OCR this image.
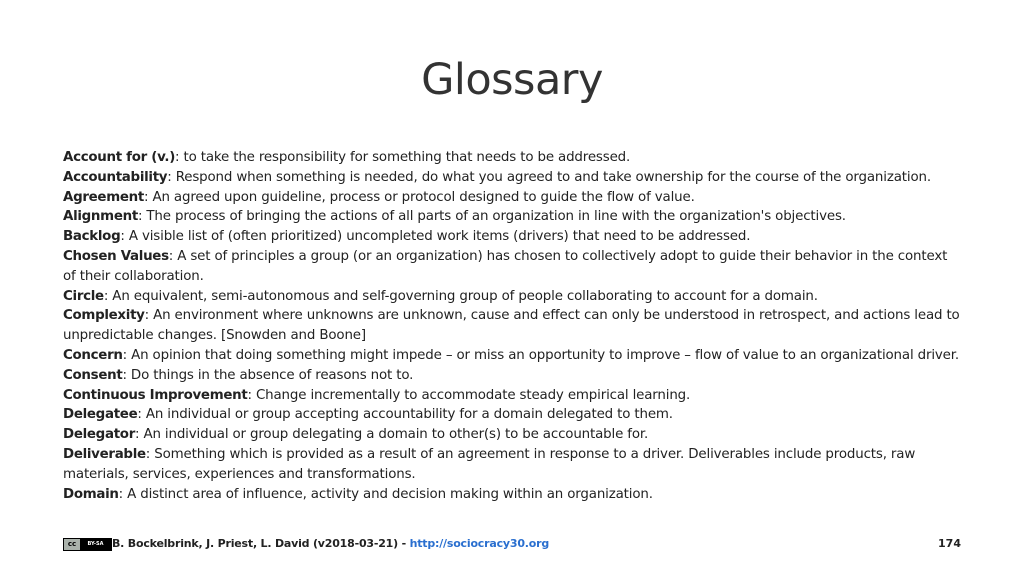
Glossary

Account for (v.): to take the responsibility for something that needs to be addressed.

Accountability: Respond when something is needed, do what you agreed to and take ownership for the course of the organization.

Agreement: An agreed upon guideline, process or protocol designed to guide the flow of value.

Alignment: The process of bringing the actions of all parts of an organization in line with the organization's objectives.

Backlog: A visible list of (often prioritized) uncompleted work items (drivers) that need to be addressed.

Chosen Values: A set of principles a group (or an organization) has chosen to collectively adopt to guide their behavior in the context of their collaboration.

Circle: An equivalent, semi-autonomous and self-governing group of people collaborating to account for a domain.

Complexity: An environment where unknowns are unknown, cause and effect can only be understood in retrospect, and actions lead to unpredictable changes. [Snowden and Boone]

Concern: An opinion that doing something might impede – or miss an opportunity to improve – flow of value to an organizational driver.

Consent: Do things in the absence of reasons not to.

Continuous Improvement: Change incrementally to accommodate steady empirical learning.

Delegatee: An individual or group accepting accountability for a domain delegated to them.

Delegator: An individual or group delegating a domain to other(s) to be accountable for.

Deliverable: Something which is provided as a result of an agreement in response to a driver. Deliverables include products, raw materials, services, experiences and transformations.

Domain: A distinct area of influence, activity and decision making within an organization.

cc	BY-SA B. Bockelbrink, J. Priest, L. David (v2018-03-21) - http://sociocracy30.org	174
